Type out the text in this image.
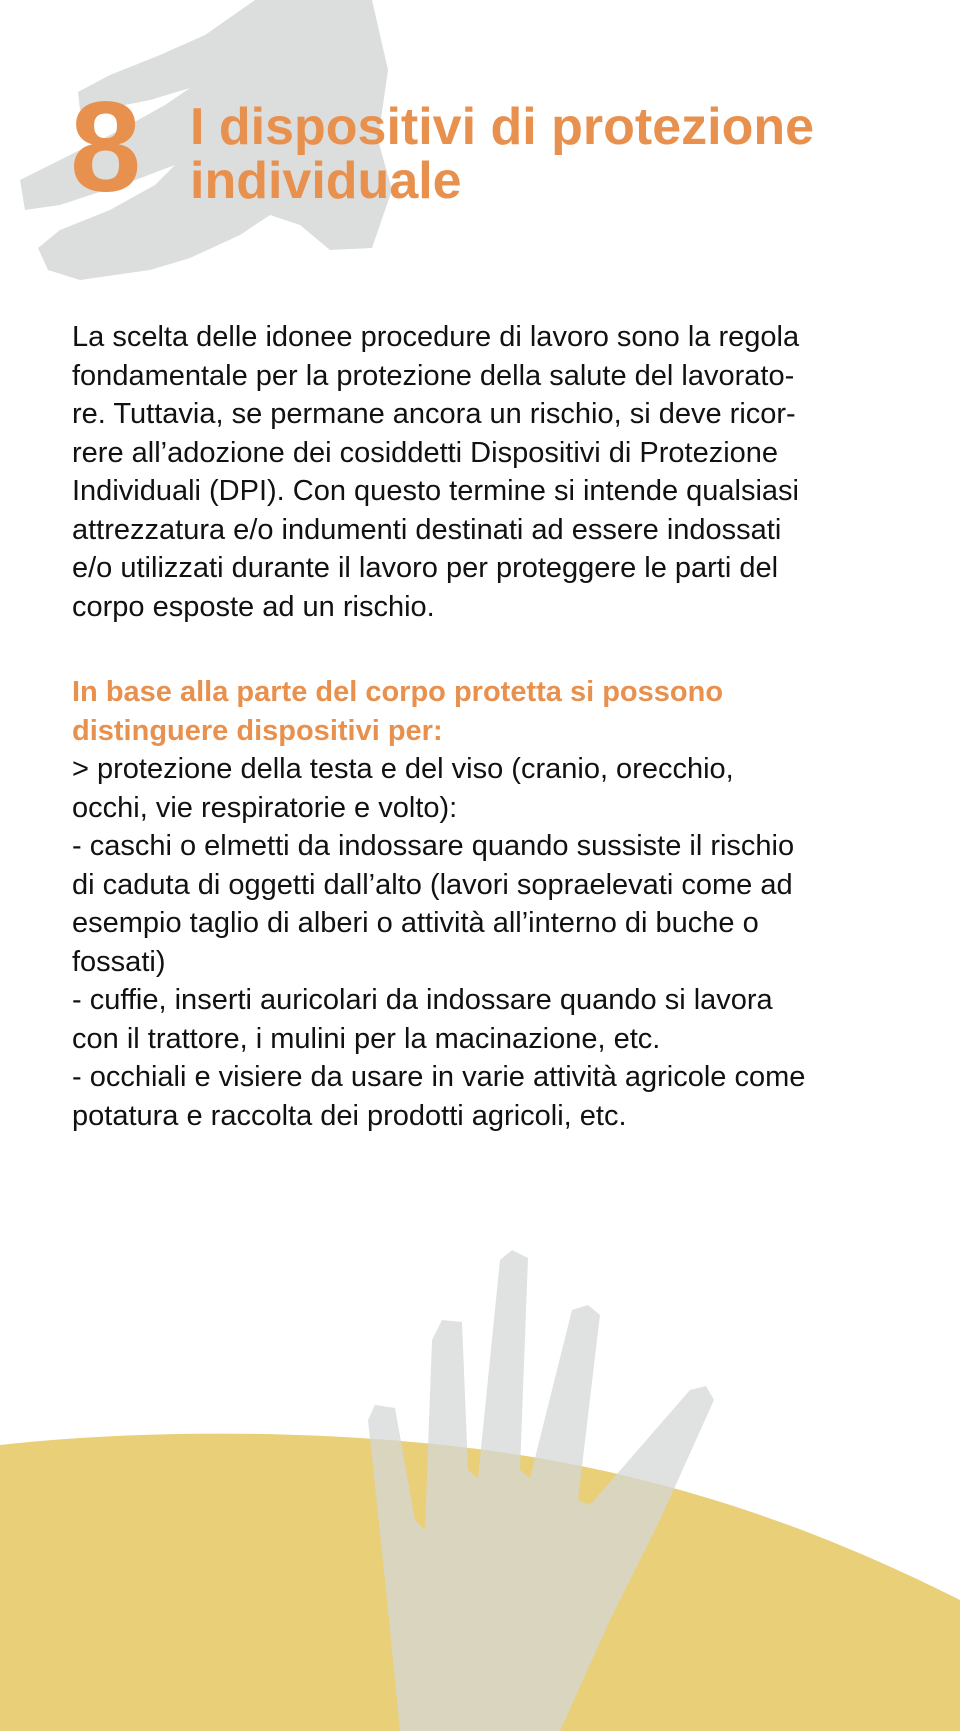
8 I dispositivi di protezione
individuale

La scelta delle idonee procedure di lavoro sono la regola
fondamentale per la protezione della salute del lavorato-
re. Tuttavia, se permane ancora un rischio, si deve ricor-
rere all’adozione dei cosiddetti Dispositivi di Protezione
Individuali (DPI). Con questo termine si intende qualsiasi
attrezzatura e/o indumenti destinati ad essere indossati
e/o utilizzati durante il lavoro per proteggere le parti del
corpo esposte ad un rischio.

In base alla parte del corpo protetta si possono
distinguere dispositivi per:

> protezione della testa e del viso (cranio, orecchio,
occhi, vie respiratorie e volto):
- caschi o elmetti da indossare quando sussiste il rischio
di caduta di oggetti dall’alto (lavori sopraelevati come ad
esempio taglio di alberi o attività all’interno di buche o
fossati)
- cuffie, inserti auricolari da indossare quando si lavora
con il trattore, i mulini per la macinazione, etc.
- occhiali e visiere da usare in varie attività agricole come
potatura e raccolta dei prodotti agricoli, etc.
